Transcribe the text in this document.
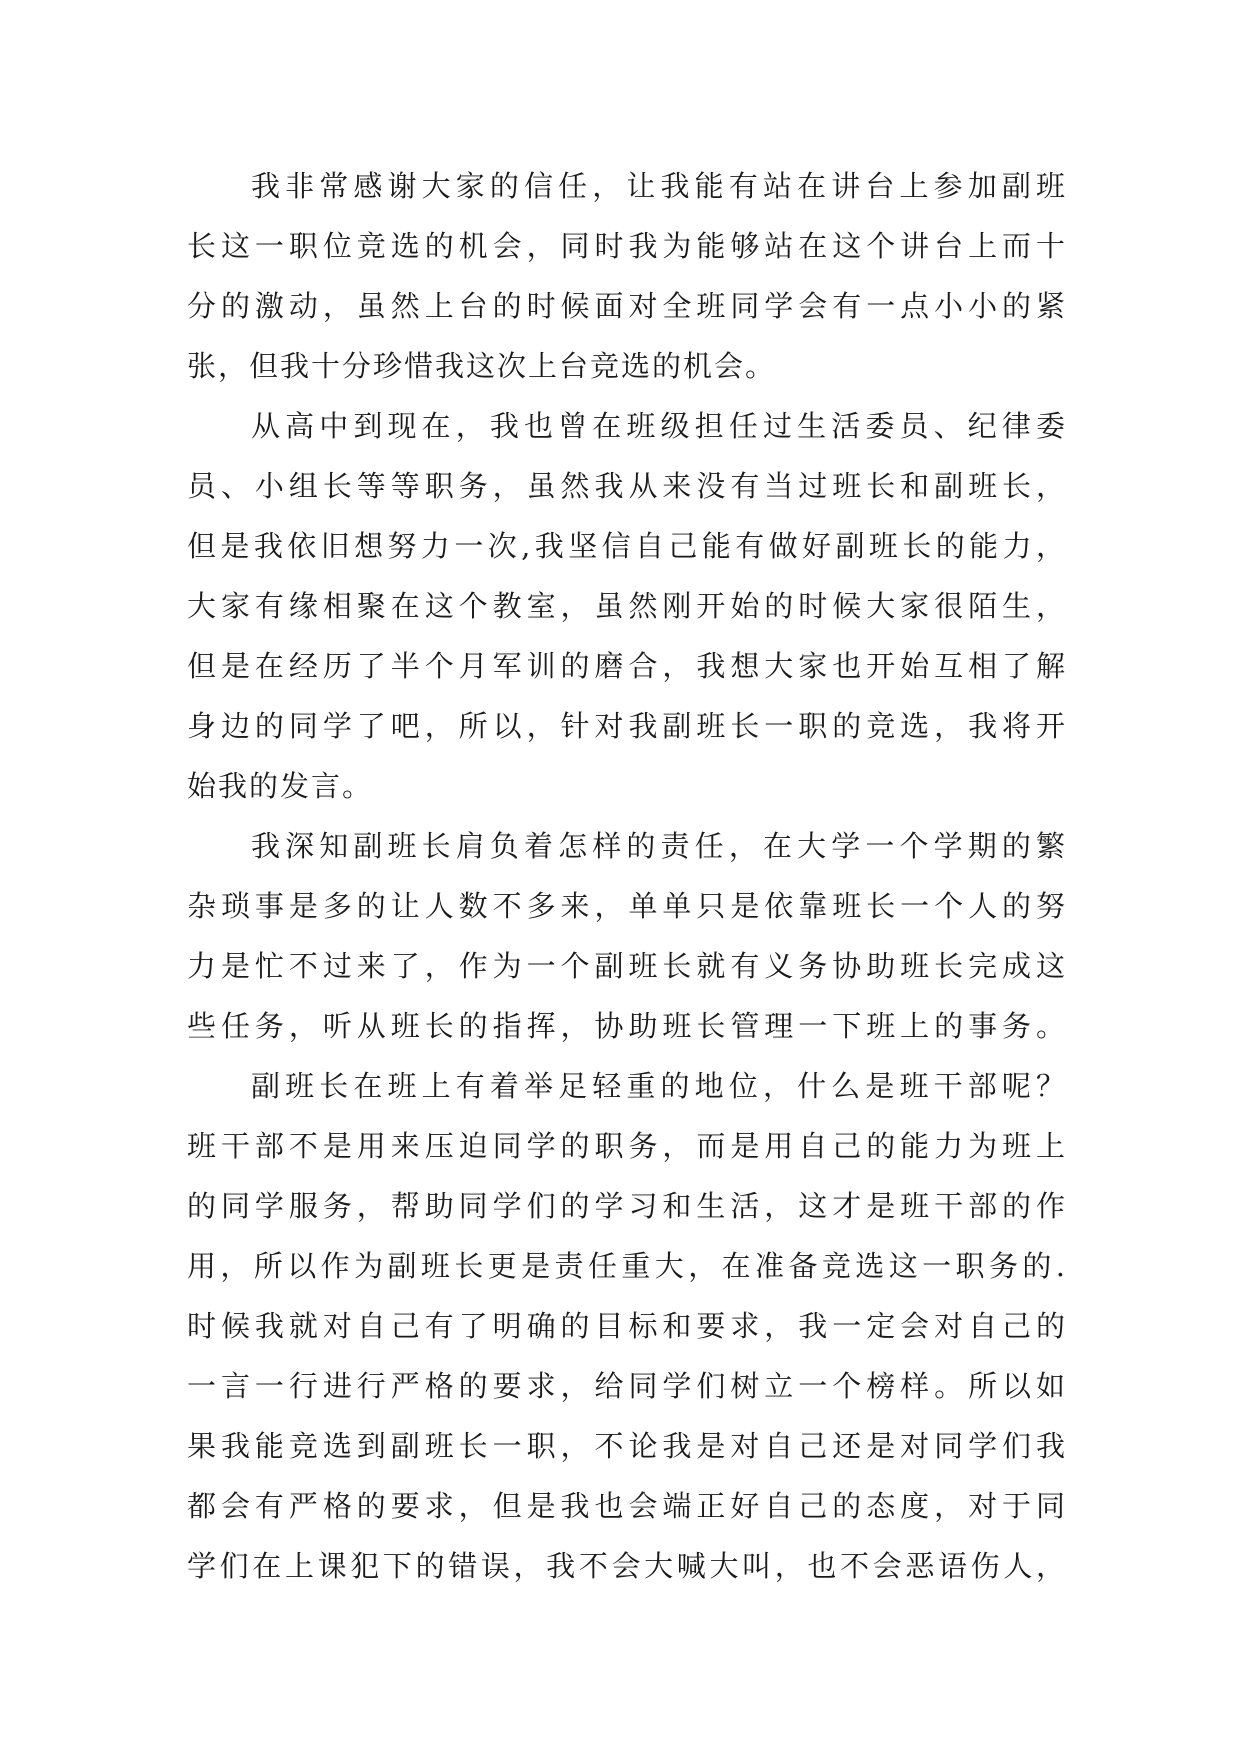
我非常感谢大家的信任，让我能有站在讲台上参加副班
长这一职位竞选的机会，同时我为能够站在这个讲台上而十
分的激动，虽然上台的时候面对全班同学会有一点小小的紧
张，但我十分珍惜我这次上台竞选的机会。
从高中到现在，我也曾在班级担任过生活委员、纪律委
员、小组长等等职务，虽然我从来没有当过班长和副班长，
但是我依旧想努力一次,我坚信自己能有做好副班长的能力，
大家有缘相聚在这个教室，虽然刚开始的时候大家很陌生，
但是在经历了半个月军训的磨合，我想大家也开始互相了解
身边的同学了吧，所以，针对我副班长一职的竞选，我将开
始我的发言。
我深知副班长肩负着怎样的责任，在大学一个学期的繁
杂琐事是多的让人数不多来，单单只是依靠班长一个人的努
力是忙不过来了，作为一个副班长就有义务协助班长完成这
些任务，听从班长的指挥，协助班长管理一下班上的事务。
副班长在班上有着举足轻重的地位，什么是班干部呢？
班干部不是用来压迫同学的职务，而是用自己的能力为班上
的同学服务，帮助同学们的学习和生活，这才是班干部的作
用，所以作为副班长更是责任重大，在准备竞选这一职务的.
时候我就对自己有了明确的目标和要求，我一定会对自己的
一言一行进行严格的要求，给同学们树立一个榜样。所以如
果我能竞选到副班长一职，不论我是对自己还是对同学们我
都会有严格的要求，但是我也会端正好自己的态度，对于同
学们在上课犯下的错误，我不会大喊大叫，也不会恶语伤人，
